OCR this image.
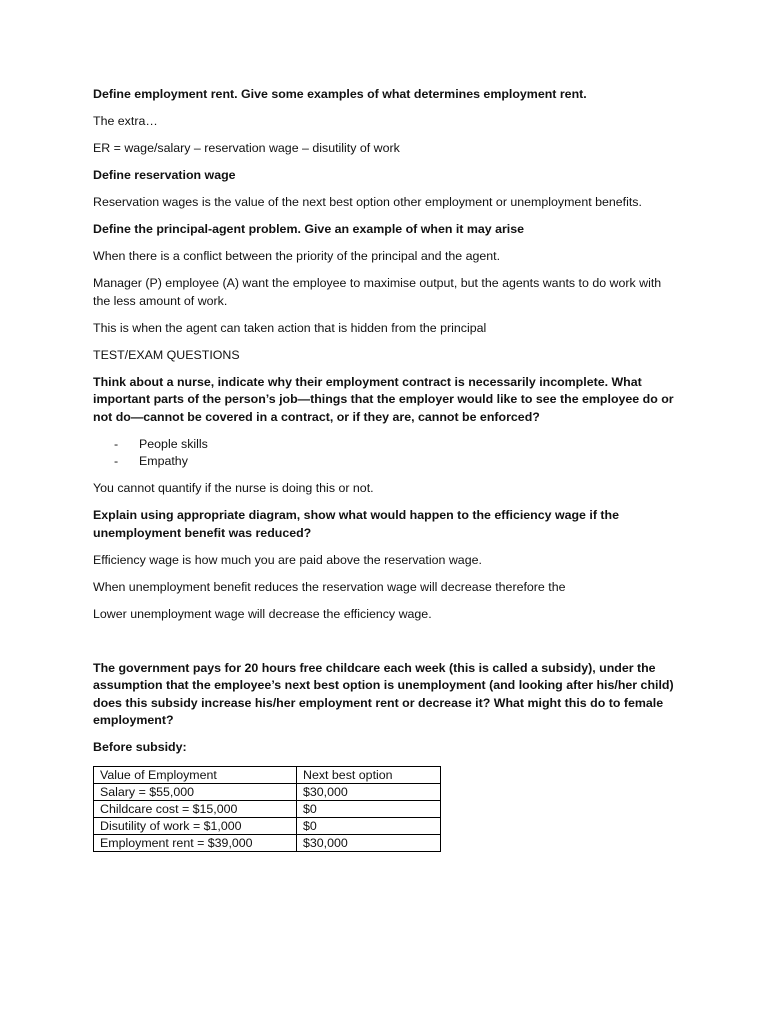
Define employment rent. Give some examples of what determines employment rent.

The extra…

ER = wage/salary – reservation wage – disutility of work

Define reservation wage

Reservation wages is the value of the next best option other employment or unemployment benefits.

Define the principal-agent problem. Give an example of when it may arise

When there is a conflict between the priority of the principal and the agent.

Manager (P) employee (A) want the employee to maximise output, but the agents wants to do work with the less amount of work.

This is when the agent can taken action that is hidden from the principal

TEST/EXAM QUESTIONS

Think about a nurse, indicate why their employment contract is necessarily incomplete. What important parts of the person’s job—things that the employer would like to see the employee do or not do—cannot be covered in a contract, or if they are, cannot be enforced?

- People skills
- Empathy

You cannot quantify if the nurse is doing this or not.

Explain using appropriate diagram, show what would happen to the efficiency wage if the unemployment benefit was reduced?

Efficiency wage is how much you are paid above the reservation wage.

When unemployment benefit reduces the reservation wage will decrease therefore the

Lower unemployment wage will decrease the efficiency wage.

The government pays for 20 hours free childcare each week (this is called a subsidy), under the assumption that the employee’s next best option is unemployment (and looking after his/her child) does this subsidy increase his/her employment rent or decrease it? What might this do to female employment?

Before subsidy:

Value of Employment	Next best option
Salary = $55,000	$30,000
Childcare cost = $15,000	$0
Disutility of work = $1,000	$0
Employment rent = $39,000	$30,000
